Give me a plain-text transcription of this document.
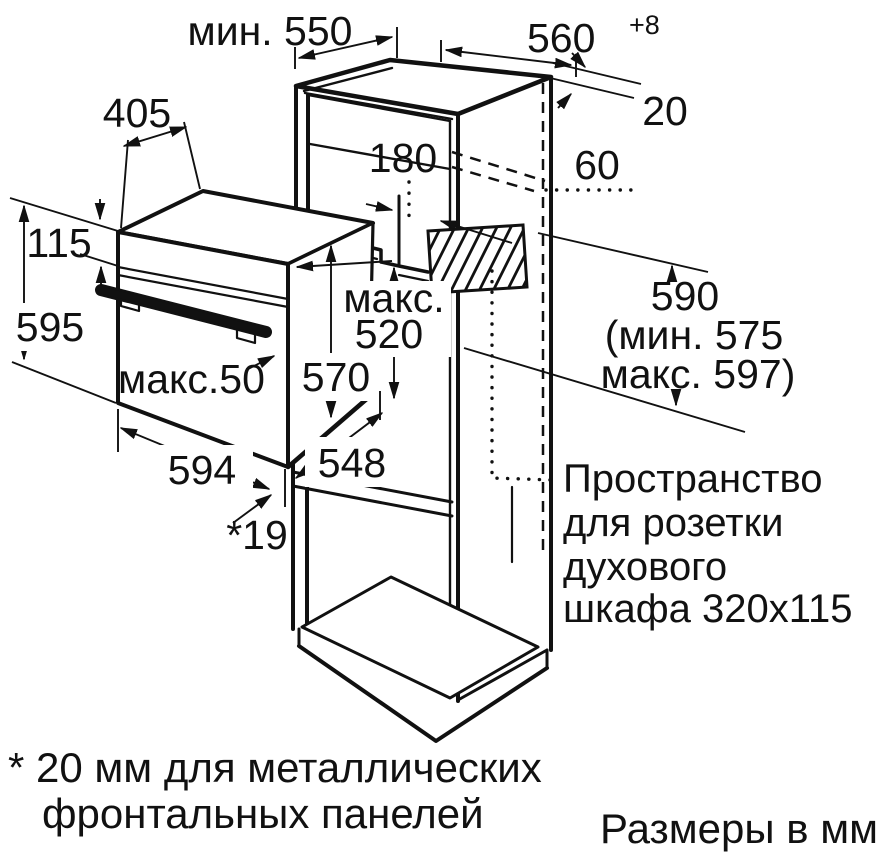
мин. 550	560 +8
20
405
180	60
115
595
макс.
520
570
макс.50
594 548
*19
590
(мин. 575
макс. 597)
Пространство
для розетки
духового
шкафа 320x115
* 20 мм для металлических
фронтальных панелей	Размеры в мм
